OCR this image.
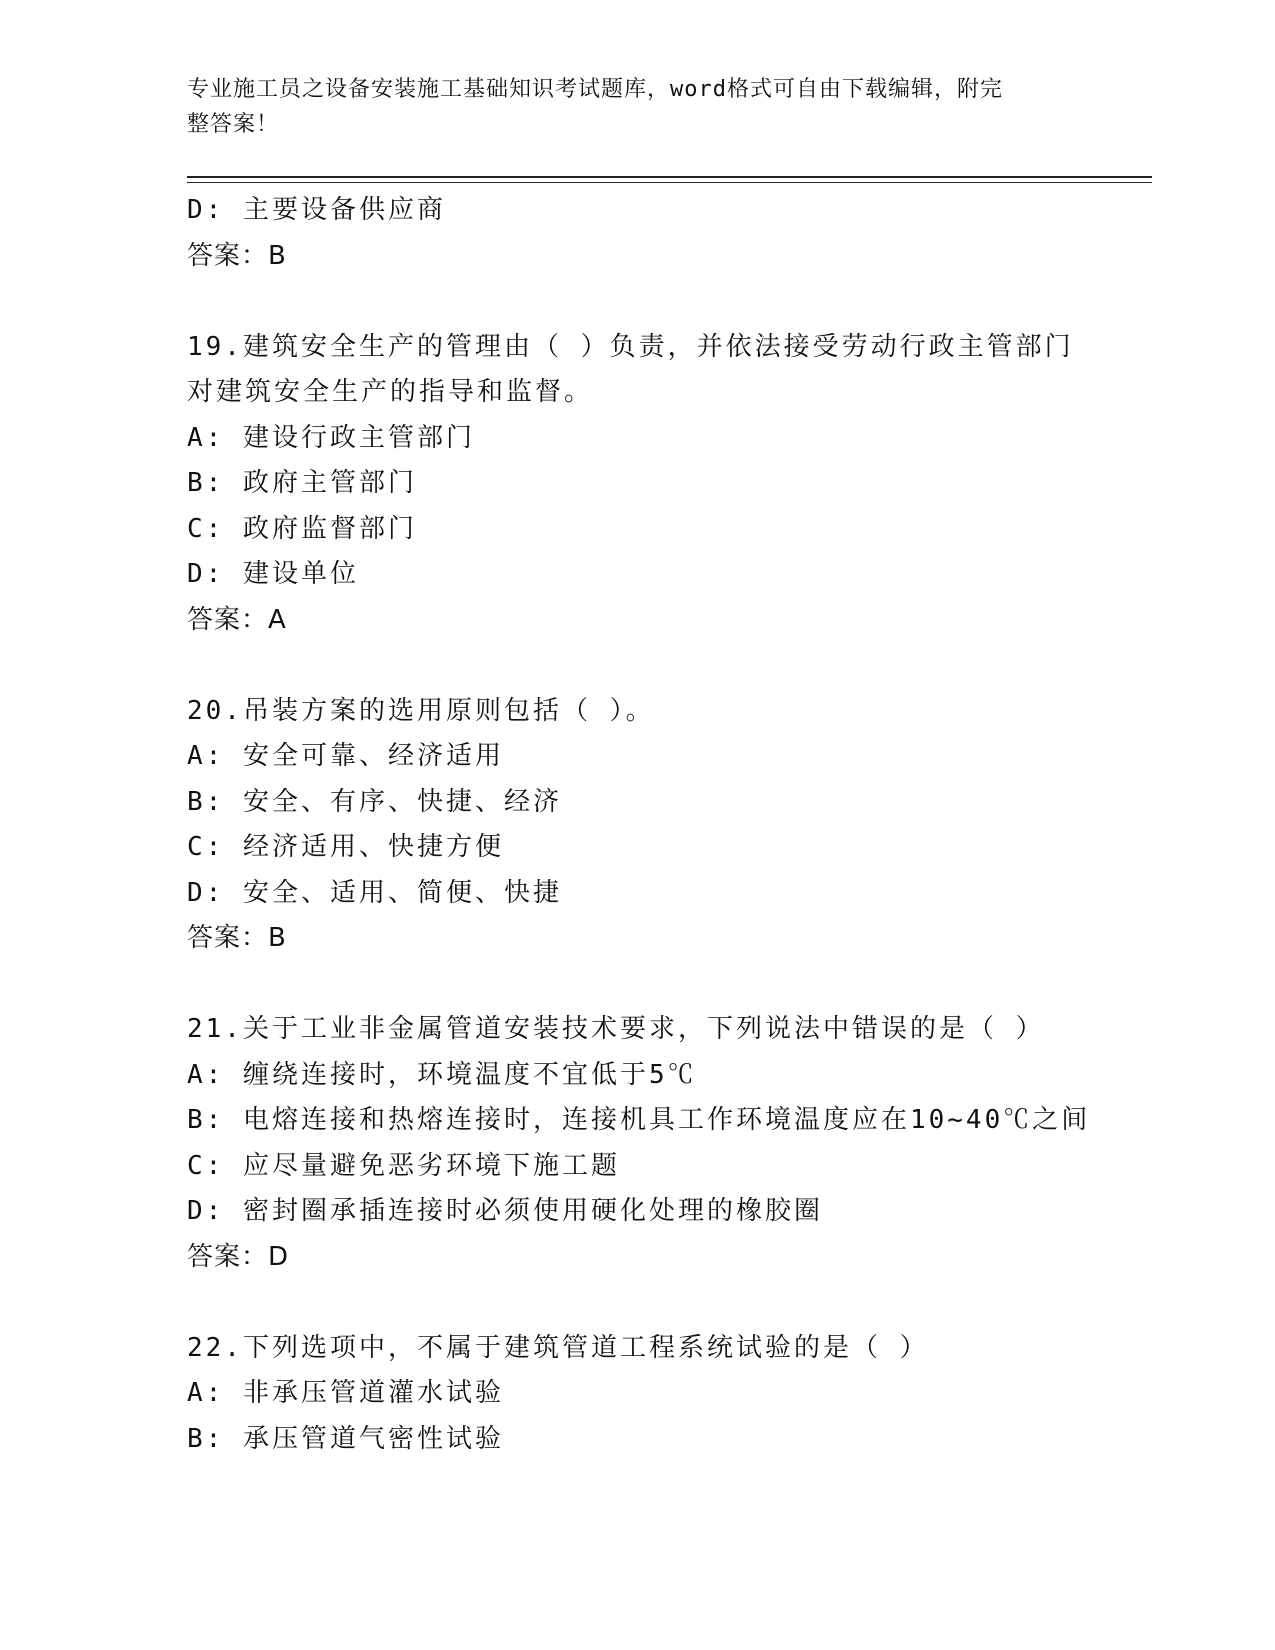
专业施工员之设备安装施工基础知识考试题库，word格式可自由下载编辑，附完
整答案！
D: 主要设备供应商
答案：B
19.建筑安全生产的管理由（ ）负责，并依法接受劳动行政主管部门
对建筑安全生产的指导和监督。
A: 建设行政主管部门
B: 政府主管部门
C: 政府监督部门
D: 建设单位
答案：A
20.吊装方案的选用原则包括（ ）。
A: 安全可靠、经济适用
B: 安全、有序、快捷、经济
C: 经济适用、快捷方便
D: 安全、适用、简便、快捷
答案：B
21.关于工业非金属管道安装技术要求，下列说法中错误的是（ ）
A: 缠绕连接时，环境温度不宜低于5℃
B: 电熔连接和热熔连接时，连接机具工作环境温度应在10~40℃之间
C: 应尽量避免恶劣环境下施工题
D: 密封圈承插连接时必须使用硬化处理的橡胶圈
答案：D
22.下列选项中，不属于建筑管道工程系统试验的是（ ）
A: 非承压管道灌水试验
B: 承压管道气密性试验
